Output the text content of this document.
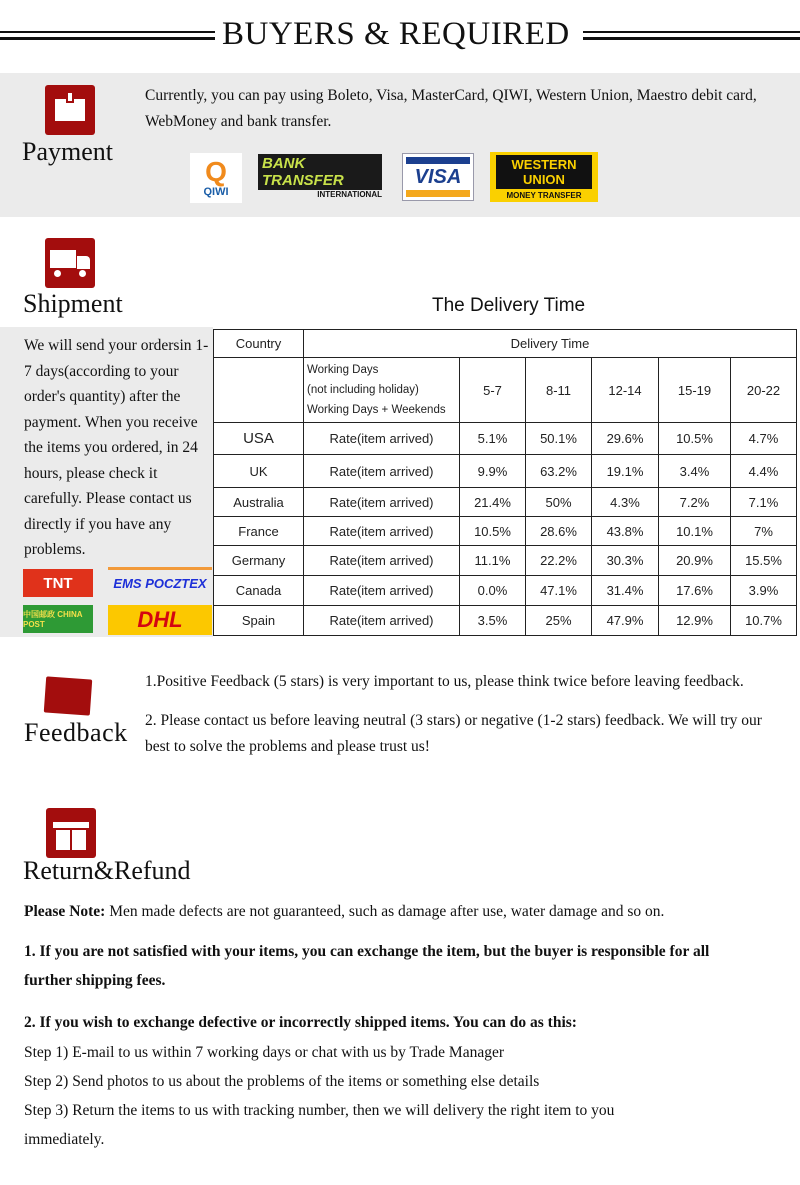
BUYERS & REQUIRED
Payment
Currently, you can pay using Boleto, Visa, MasterCard, QIWI, Western Union, Maestro debit card, WebMoney and bank transfer.
Q
QIWI
BANK TRANSFER
INTERNATIONAL
VISA
WESTERN UNION
MONEY TRANSFER
Shipment	The Delivery Time
We will send your ordersin 1-7 days(according to your order's quantity) after the payment. When you receive the items you ordered, in 24 hours, please check it carefully. Please contact us directly if you have any problems.
TNT	EMS POCZTEX
中国邮政 CHINA POST	DHL
Country	Delivery Time					

	Working Days
(not including holiday)
Working Days + Weekends	5-7	8-11	12-14	15-19	20-22
USA	Rate(item arrived)	5.1%	50.1%	29.6%	10.5%	4.7%
UK	Rate(item arrived)	9.9%	63.2%	19.1%	3.4%	4.4%
Australia	Rate(item arrived)	21.4%	50%	4.3%	7.2%	7.1%
France	Rate(item arrived)	10.5%	28.6%	43.8%	10.1%	7%
Germany	Rate(item arrived)	11.1%	22.2%	30.3%	20.9%	15.5%
Canada	Rate(item arrived)	0.0%	47.1%	31.4%	17.6%	3.9%
Spain	Rate(item arrived)	3.5%	25%	47.9%	12.9%	10.7%
Feedback
1.Positive Feedback (5 stars) is very important to us, please think twice before leaving feedback.
2. Please contact us before leaving neutral (3 stars) or negative (1-2 stars) feedback. We will try our best to solve the problems and please trust us!
Return&Refund
Please Note: Men made defects are not guaranteed, such as damage after use, water damage and so on.
1. If you are not satisfied with your items, you can exchange the item, but the buyer is responsible for all further shipping fees.
2. If you wish to exchange defective or incorrectly shipped items. You can do as this:
Step 1) E-mail to us within 7 working days or chat with us by Trade Manager
Step 2) Send photos to us about the problems of the items or something else details
Step 3) Return the items to us with tracking number, then we will delivery the right item to you immediately.
